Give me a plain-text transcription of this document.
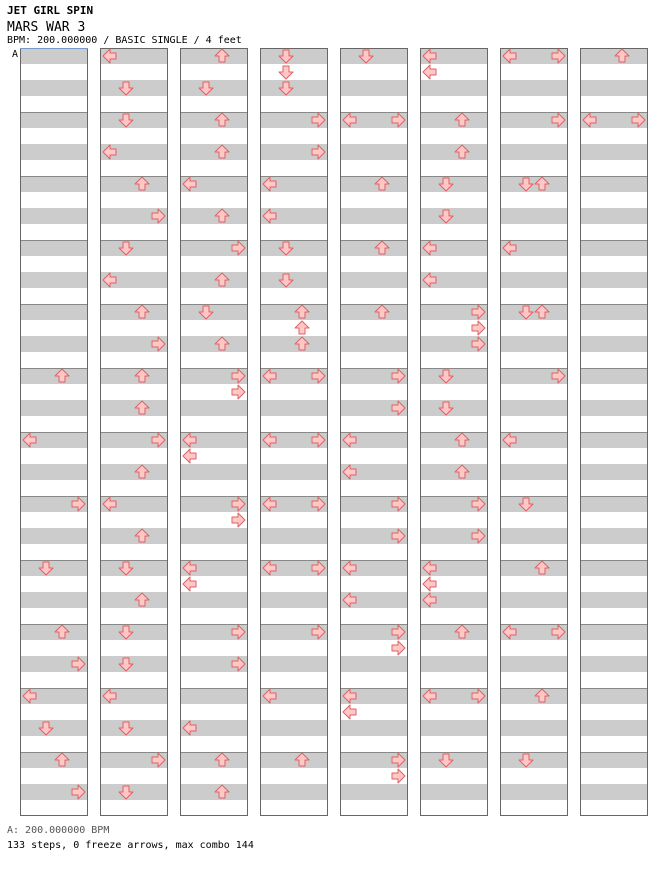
JET GIRL SPIN
MARS WAR 3
BPM: 200.000000 / BASIC SINGLE / 4 feet
A
A: 200.000000 BPM
133 steps, 0 freeze arrows, max combo 144
